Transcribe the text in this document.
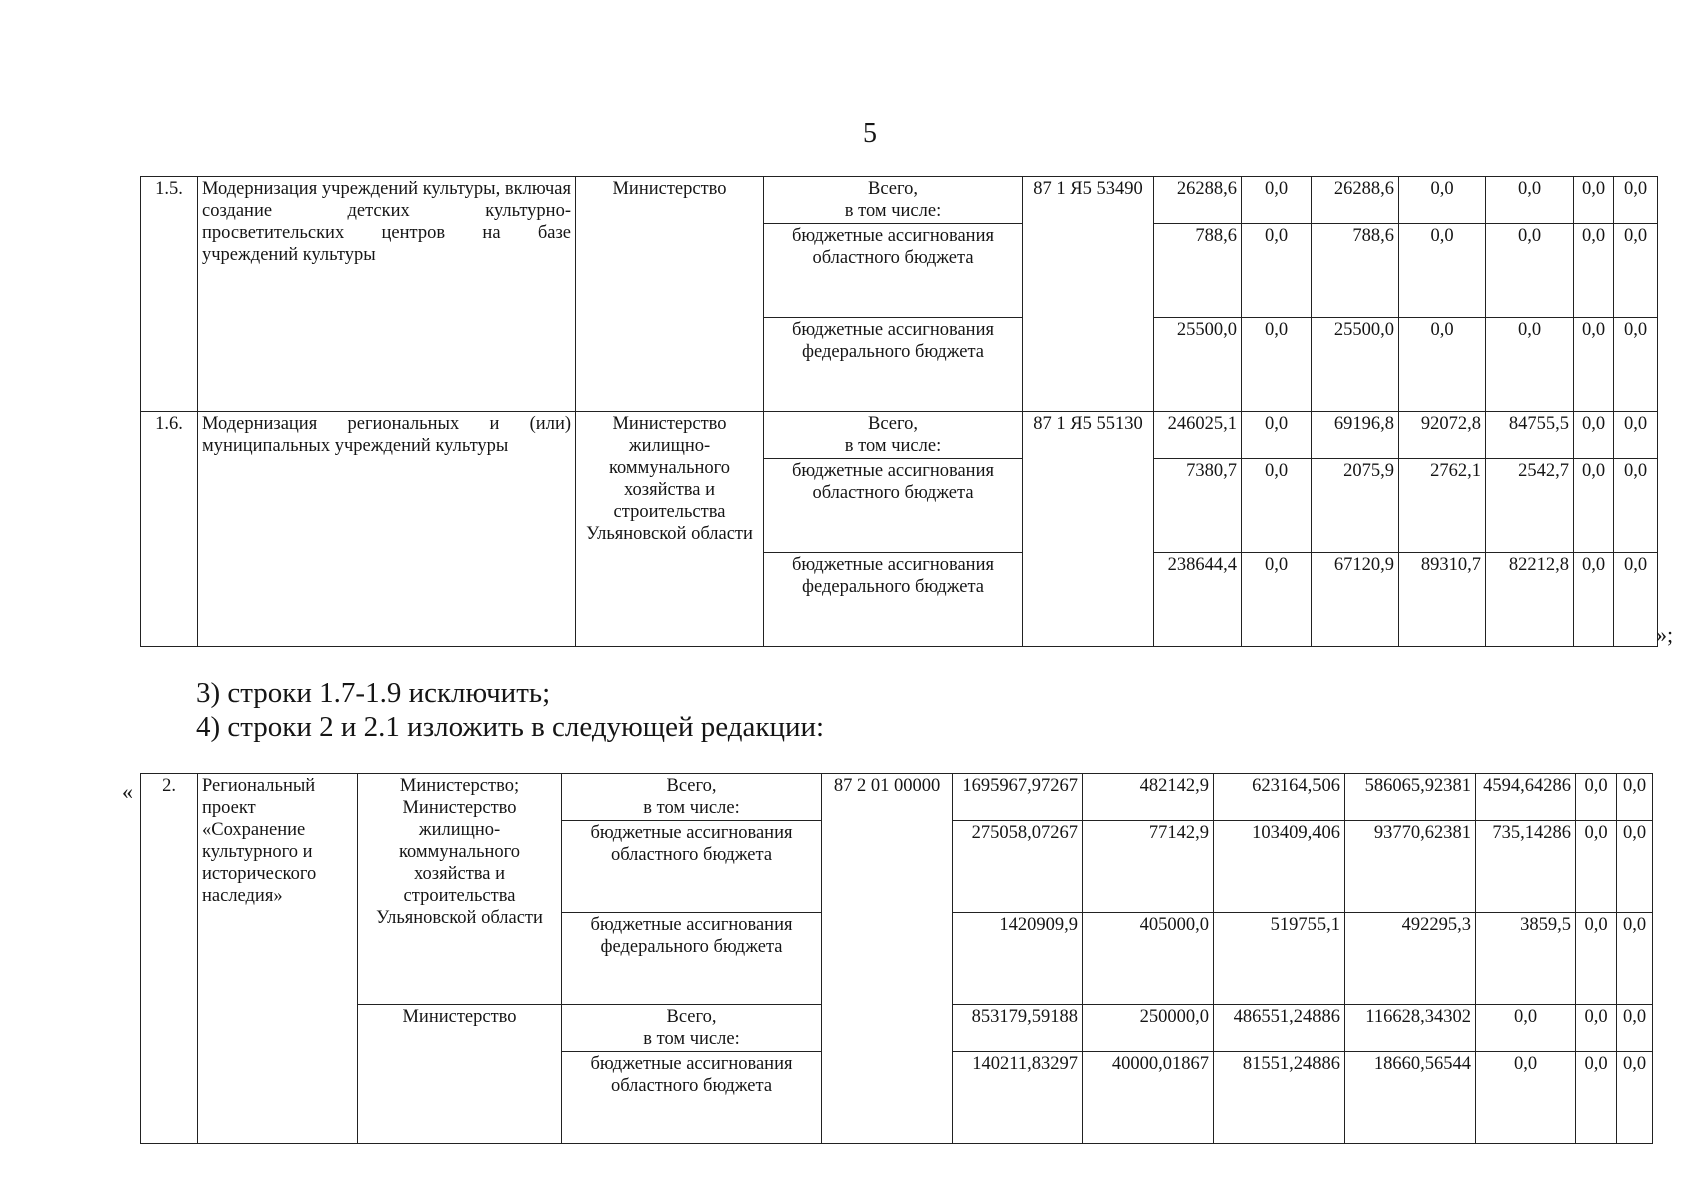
5
1.5.	Модернизация учреждений культуры, включая создание детских культурно-просветительских центров на базе учреждений культуры	Министерство	Всего,
в том числе:	87 1 Я5 53490	26288,6	0,0	26288,6	0,0	0,0	0,0	0,0
			бюджетные ассигнования областного бюджета		788,6	0,0	788,6	0,0	0,0	0,0	0,0
			бюджетные ассигнования федерального бюджета		25500,0	0,0	25500,0	0,0	0,0	0,0	0,0
1.6.	Модернизация региональных и (или) муниципальных учреждений культуры	Министерство жилищно-коммунального хозяйства и строительства Ульяновской области	Всего,
в том числе:	87 1 Я5 55130	246025,1	0,0	69196,8	92072,8	84755,5	0,0	0,0
			бюджетные ассигнования областного бюджета		7380,7	0,0	2075,9	2762,1	2542,7	0,0	0,0
			бюджетные ассигнования федерального бюджета		238644,4	0,0	67120,9	89310,7	82212,8	0,0	0,0
»;
3) строки 1.7-1.9 исключить;
4) строки 2 и 2.1 изложить в следующей редакции:
« 2.	Региональный проект «Сохранение культурного и исторического наследия»	Министерство; Министерство жилищно-коммунального хозяйства и строительства Ульяновской области	Всего,
в том числе:	87 2 01 00000	1695967,97267	482142,9	623164,506	586065,92381	4594,64286	0,0	0,0
			бюджетные ассигнования областного бюджета		275058,07267	77142,9	103409,406	93770,62381	735,14286	0,0	0,0
			бюджетные ассигнования федерального бюджета		1420909,9	405000,0	519755,1	492295,3	3859,5	0,0	0,0
		Министерство	Всего,
в том числе:		853179,59188	250000,0	486551,24886	116628,34302	0,0	0,0	0,0
			бюджетные ассигнования областного бюджета		140211,83297	40000,01867	81551,24886	18660,56544	0,0	0,0	0,0
